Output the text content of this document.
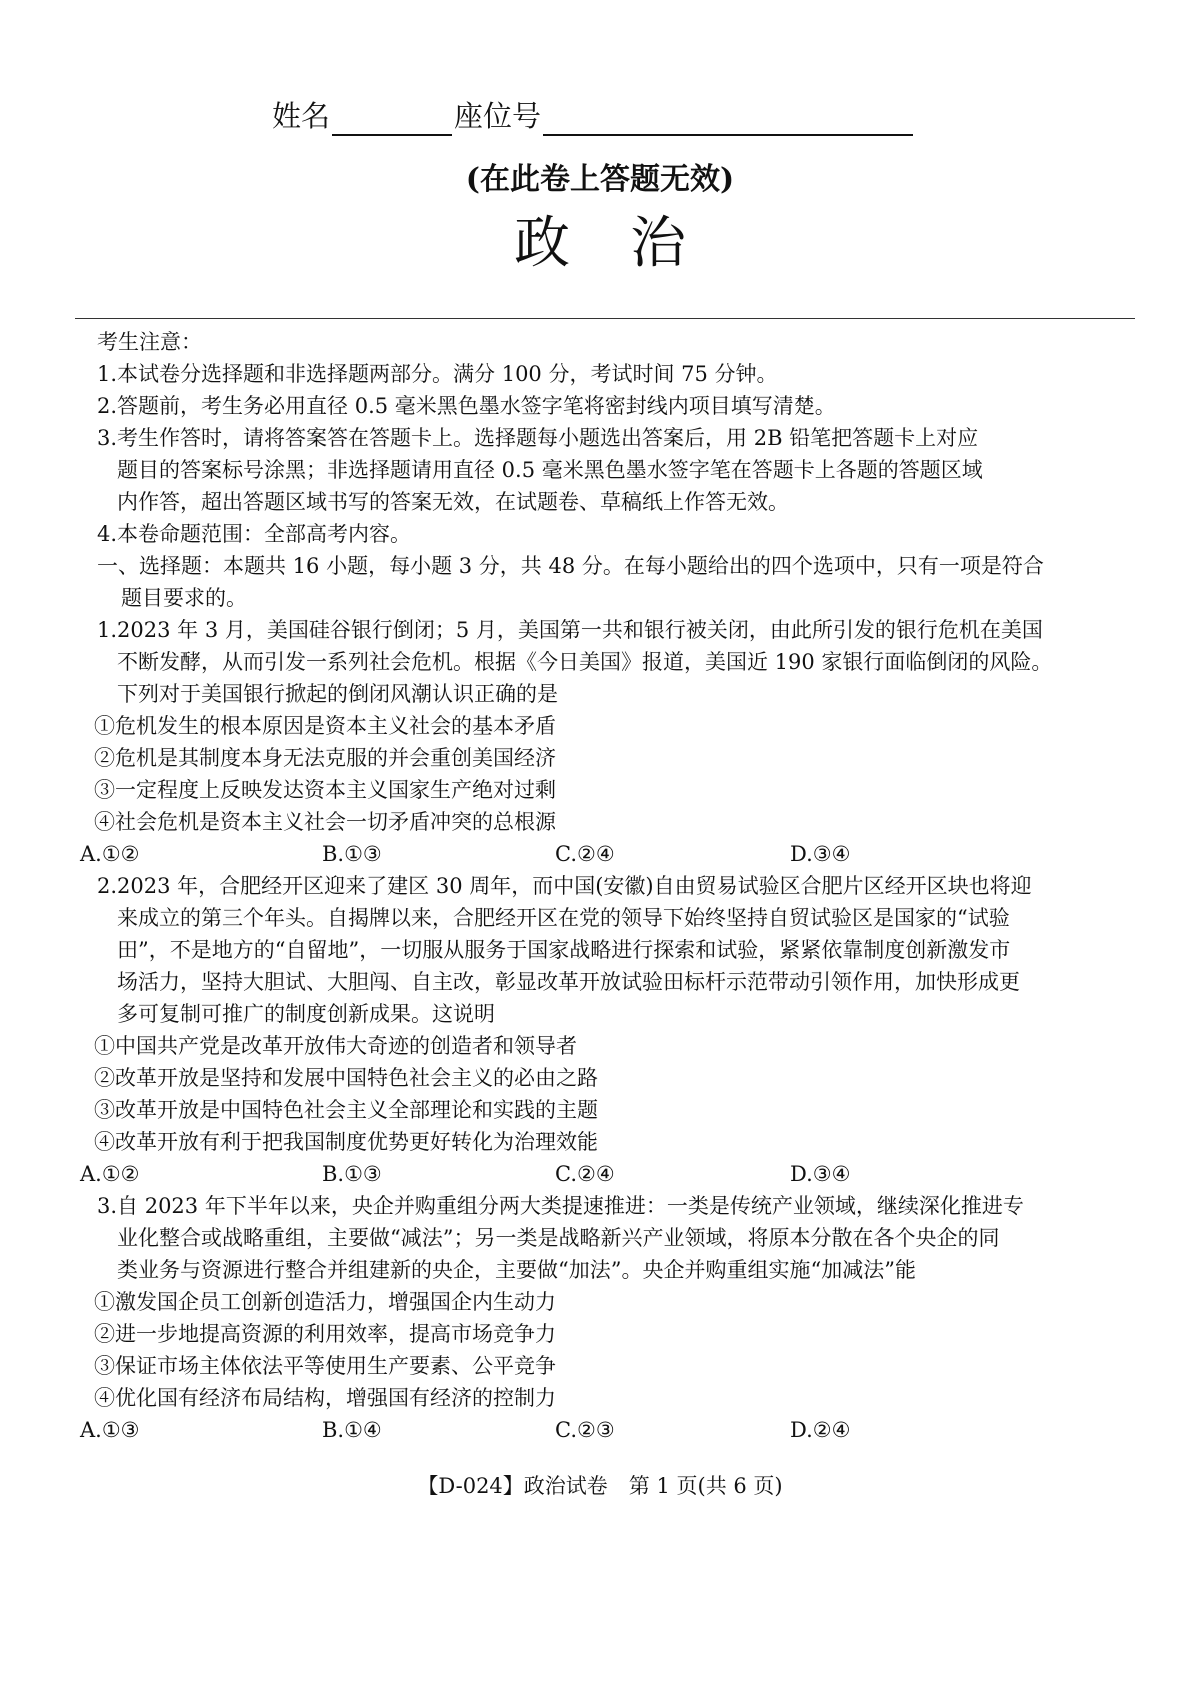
姓名	座位号
(在此卷上答题无效)
政治
考生注意：
1.本试卷分选择题和非选择题两部分。满分 100 分，考试时间 75 分钟。
2.答题前，考生务必用直径 0.5 毫米黑色墨水签字笔将密封线内项目填写清楚。
3.考生作答时，请将答案答在答题卡上。选择题每小题选出答案后，用 2B 铅笔把答题卡上对应
题目的答案标号涂黑；非选择题请用直径 0.5 毫米黑色墨水签字笔在答题卡上各题的答题区域
内作答，超出答题区域书写的答案无效，在试题卷、草稿纸上作答无效。
4.本卷命题范围：全部高考内容。
一、选择题：本题共 16 小题，每小题 3 分，共 48 分。在每小题给出的四个选项中，只有一项是符合
题目要求的。
1.2023 年 3 月，美国硅谷银行倒闭；5 月，美国第一共和银行被关闭，由此所引发的银行危机在美国
不断发酵，从而引发一系列社会危机。根据《今日美国》报道，美国近 190 家银行面临倒闭的风险。
下列对于美国银行掀起的倒闭风潮认识正确的是
①危机发生的根本原因是资本主义社会的基本矛盾
②危机是其制度本身无法克服的并会重创美国经济
③一定程度上反映发达资本主义国家生产绝对过剩
④社会危机是资本主义社会一切矛盾冲突的总根源
A.①②	B.①③	C.②④	D.③④
2.2023 年，合肥经开区迎来了建区 30 周年，而中国(安徽)自由贸易试验区合肥片区经开区块也将迎
来成立的第三个年头。自揭牌以来，合肥经开区在党的领导下始终坚持自贸试验区是国家的“试验
田”，不是地方的“自留地”，一切服从服务于国家战略进行探索和试验，紧紧依靠制度创新激发市
场活力，坚持大胆试、大胆闯、自主改，彰显改革开放试验田标杆示范带动引领作用，加快形成更
多可复制可推广的制度创新成果。这说明
①中国共产党是改革开放伟大奇迹的创造者和领导者
②改革开放是坚持和发展中国特色社会主义的必由之路
③改革开放是中国特色社会主义全部理论和实践的主题
④改革开放有利于把我国制度优势更好转化为治理效能
A.①②	B.①③	C.②④	D.③④
3.自 2023 年下半年以来，央企并购重组分两大类提速推进：一类是传统产业领域，继续深化推进专
业化整合或战略重组，主要做“减法”；另一类是战略新兴产业领域，将原本分散在各个央企的同
类业务与资源进行整合并组建新的央企，主要做“加法”。央企并购重组实施“加减法”能
①激发国企员工创新创造活力，增强国企内生动力
②进一步地提高资源的利用效率，提高市场竞争力
③保证市场主体依法平等使用生产要素、公平竞争
④优化国有经济布局结构，增强国有经济的控制力
A.①③	B.①④	C.②③	D.②④
【D-024】政治试卷　第 1 页(共 6 页)
